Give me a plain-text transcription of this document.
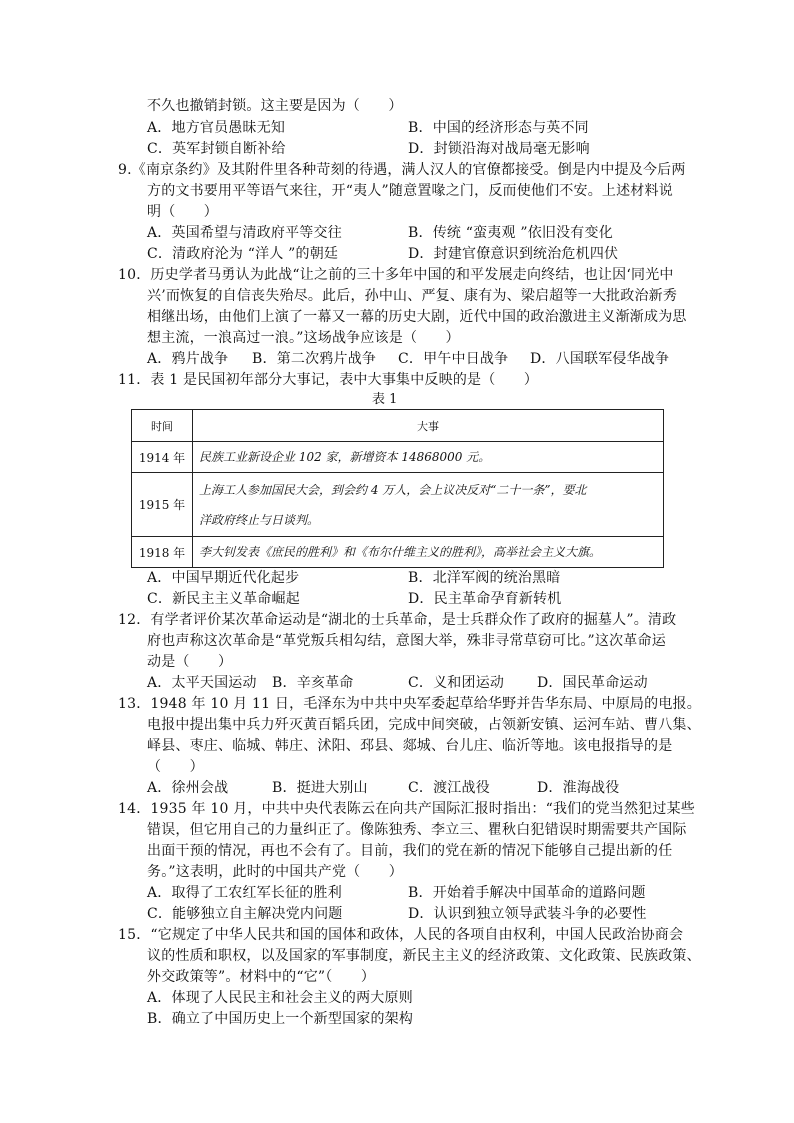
不久也撤销封锁。这主要是因为（　　）
A．地方官员愚昧无知	B．中国的经济形态与英不同
C．英军封锁自断补给	D．封锁沿海对战局毫无影响
9.《南京条约》及其附件里各种苛刻的待遇，满人汉人的官僚都接受。倒是内中提及今后两
方的文书要用平等语气来往，开“夷人”随意置喙之门，反而使他们不安。上述材料说
明（　　）
A．英国希望与清政府平等交往	B．传统 “蛮夷观 ”依旧没有变化
C．清政府沦为 “洋人 ”的朝廷	D．封建官僚意识到统治危机四伏
10．历史学者马勇认为此战“让之前的三十多年中国的和平发展走向终结，也让因‘同光中
兴’而恢复的自信丧失殆尽。此后，孙中山、严复、康有为、梁启超等一大批政治新秀
相继出场，由他们上演了一幕又一幕的历史大剧，近代中国的政治激进主义渐渐成为思
想主流，一浪高过一浪。”这场战争应该是（　　）
A．鸦片战争 B．第二次鸦片战争 C．甲午中日战争 D．八国联军侵华战争
11．表 1 是民国初年部分大事记，表中大事集中反映的是（　　）
表 1
时间	大事
1914 年	民族工业新设企业 102 家，新增资本 14868000 元。
1915 年	上海工人参加国民大会，到会约 4 万人，会上议决反对“二十一条”，要北
洋政府终止与日谈判。

1918 年	李大钊发表《庶民的胜利》和《布尔什维主义的胜利》，高举社会主义大旗。
A．中国早期近代化起步	B．北洋军阀的统治黑暗
C．新民主主义革命崛起	D．民主革命孕育新转机
12．有学者评价某次革命运动是“湖北的士兵革命，是士兵群众作了政府的掘墓人”。清政
府也声称这次革命是“革党叛兵相勾结，意图大举，殊非寻常草窃可比。”这次革命运
动是（　　）
A．太平天国运动 B．辛亥革命	C．义和团运动 D．国民革命运动
13．1948 年 10 月 11 日，毛泽东为中共中央军委起草给华野并告华东局、中原局的电报。
电报中提出集中兵力歼灭黄百韬兵团，完成中间突破，占领新安镇、运河车站、曹八集、
峄县、枣庄、临城、韩庄、沭阳、邳县、郯城、台儿庄、临沂等地。该电报指导的是
（　　）
A．徐州会战	B．挺进大别山	C．渡江战役	D．淮海战役
14．1935 年 10 月，中共中央代表陈云在向共产国际汇报时指出：“我们的党当然犯过某些
错误，但它用自己的力量纠正了。像陈独秀、李立三、瞿秋白犯错误时期需要共产国际
出面干预的情况，再也不会有了。目前，我们的党在新的情况下能够自己提出新的任
务。”这表明，此时的中国共产党（　　）
A．取得了工农红军长征的胜利	B．开始着手解决中国革命的道路问题
C．能够独立自主解决党内问题	D．认识到独立领导武装斗争的必要性
15．“它规定了中华人民共和国的国体和政体，人民的各项自由权利，中国人民政治协商会
议的性质和职权，以及国家的军事制度，新民主主义的经济政策、文化政策、民族政策、
外交政策等”。材料中的“它”（　　）
A．体现了人民民主和社会主义的两大原则
B．确立了中国历史上一个新型国家的架构
